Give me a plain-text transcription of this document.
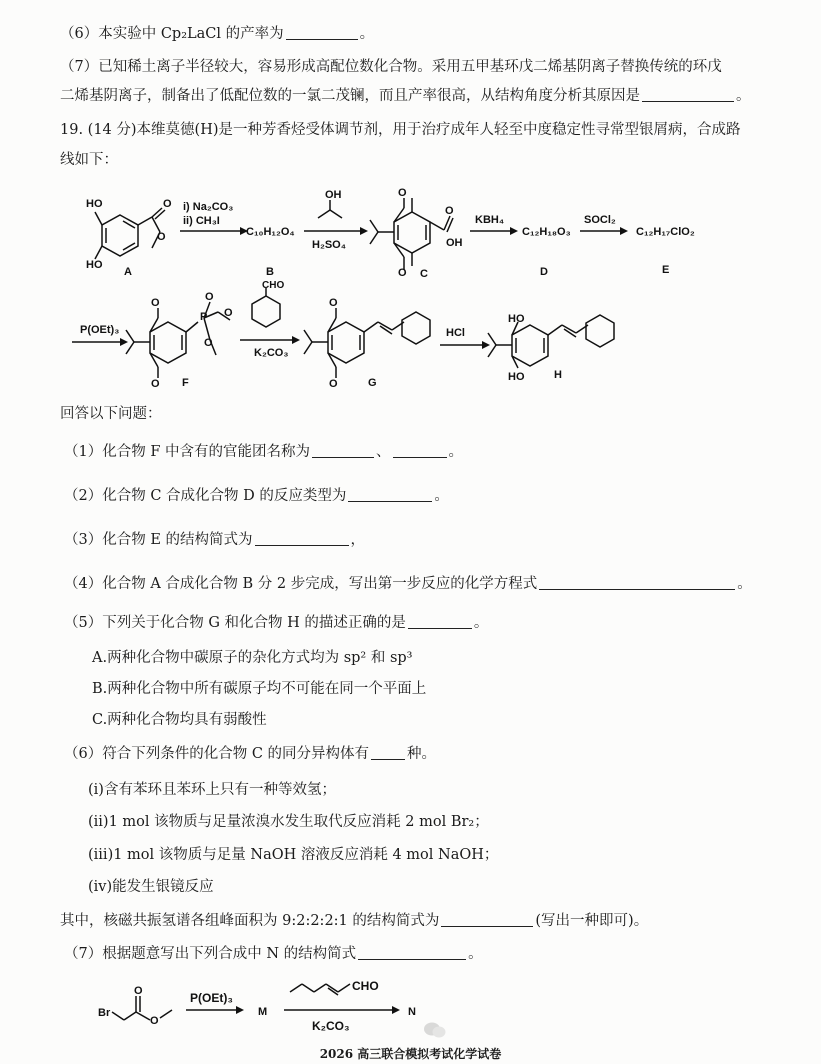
（6）本实验中 Cp₂LaCl 的产率为	。
（7）已知稀土离子半径较大，容易形成高配位数化合物。采用五甲基环戊二烯基阴离子替换传统的环戊
二烯基阴离子，制备出了低配位数的一氯二茂镧，而且产率很高，从结构角度分析其原因是	。
19. (14 分)本维莫德(H)是一种芳香烃受体调节剂，用于治疗成年人轻至中度稳定性寻常型银屑病，合成路
线如下：
HO
HO
O
O
A
i) Na₂CO₃
ii) CH₃I
C₁₀H₁₂O₄
B
OH
H₂SO₄
O
O
O
OH
C
KBH₄
C₁₂H₁₈O₃
D
SOCl₂
C₁₂H₁₇ClO₂
E
P(OEt)₃
P
O
O
O
O
O F
CHO
K₂CO₃
O
O	G
HCl
HO
HO	H
Br
O
O
P(OEt)₃
M
CHO
K₂CO₃
N
回答以下问题：
（1）化合物 F 中含有的官能团名称为	、	。
（2）化合物 C 合成化合物 D 的反应类型为	。
（3）化合物 E 的结构简式为	，
（4）化合物 A 合成化合物 B 分 2 步完成，写出第一步反应的化学方程式	。
（5）下列关于化合物 G 和化合物 H 的描述正确的是	。
A.两种化合物中碳原子的杂化方式均为 sp² 和 sp³
B.两种化合物中所有碳原子均不可能在同一个平面上
C.两种化合物均具有弱酸性
（6）符合下列条件的化合物 C 的同分异构体有	种。
(i)含有苯环且苯环上只有一种等效氢；
(ii)1 mol 该物质与足量浓溴水发生取代反应消耗 2 mol Br₂；
(iii)1 mol 该物质与足量 NaOH 溶液反应消耗 4 mol NaOH；
(iv)能发生银镜反应
其中，核磁共振氢谱各组峰面积为 9:2:2:2:1 的结构简式为	(写出一种即可)。
（7）根据题意写出下列合成中 N 的结构简式	。
2026 高三联合模拟考试化学试卷
